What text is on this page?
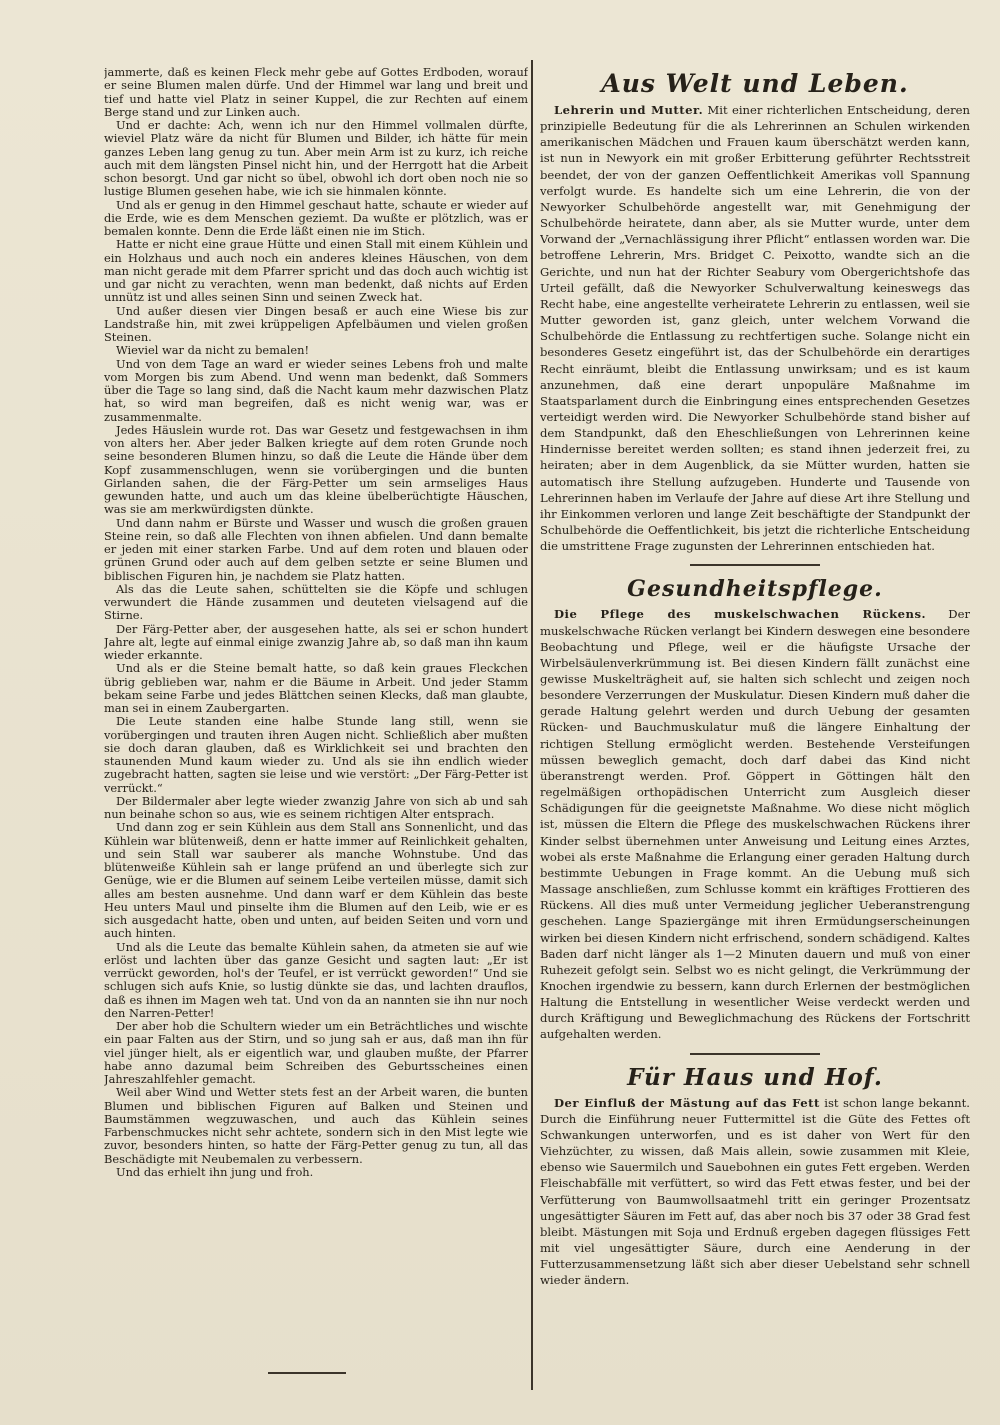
jammerte, daß es keinen Fleck mehr gebe auf Gottes Erdboden, worauf er seine Blumen malen dürfe. Und der Himmel war lang und breit und tief und hatte viel Platz in seiner Kuppel, die zur Rechten auf einem Berge stand und zur Linken auch.

Und er dachte: Ach, wenn ich nur den Himmel vollmalen dürfte, wieviel Platz wäre da nicht für Blumen und Bilder, ich hätte für mein ganzes Leben lang genug zu tun. Aber mein Arm ist zu kurz, ich reiche auch mit dem längsten Pinsel nicht hin, und der Herrgott hat die Arbeit schon besorgt. Und gar nicht so übel, obwohl ich dort oben noch nie so lustige Blumen gesehen habe, wie ich sie hinmalen könnte.

Und als er genug in den Himmel geschaut hatte, schaute er wieder auf die Erde, wie es dem Menschen geziemt. Da wußte er plötzlich, was er bemalen konnte. Denn die Erde läßt einen nie im Stich.

Hatte er nicht eine graue Hütte und einen Stall mit einem Kühlein und ein Holzhaus und auch noch ein anderes kleines Häuschen, von dem man nicht gerade mit dem Pfarrer spricht und das doch auch wichtig ist und gar nicht zu verachten, wenn man bedenkt, daß nichts auf Erden unnütz ist und alles seinen Sinn und seinen Zweck hat.

Und außer diesen vier Dingen besaß er auch eine Wiese bis zur Landstraße hin, mit zwei krüppeligen Apfelbäumen und vielen großen Steinen.

Wieviel war da nicht zu bemalen!

Und von dem Tage an ward er wieder seines Lebens froh und malte vom Morgen bis zum Abend. Und wenn man bedenkt, daß Sommers über die Tage so lang sind, daß die Nacht kaum mehr dazwischen Platz hat, so wird man begreifen, daß es nicht wenig war, was er zusammenmalte.

Jedes Häuslein wurde rot. Das war Gesetz und festgewachsen in ihm von alters her. Aber jeder Balken kriegte auf dem roten Grunde noch seine besonderen Blumen hinzu, so daß die Leute die Hände über dem Kopf zusammenschlugen, wenn sie vorübergingen und die bunten Girlanden sahen, die der Färg-Petter um sein armseliges Haus gewunden hatte, und auch um das kleine übelberüchtigte Häuschen, was sie am merkwürdigsten dünkte.

Und dann nahm er Bürste und Wasser und wusch die großen grauen Steine rein, so daß alle Flechten von ihnen abfielen. Und dann bemalte er jeden mit einer starken Farbe. Und auf dem roten und blauen oder grünen Grund oder auch auf dem gelben setzte er seine Blumen und biblischen Figuren hin, je nachdem sie Platz hatten.

Als das die Leute sahen, schüttelten sie die Köpfe und schlugen verwundert die Hände zusammen und deuteten vielsagend auf die Stirne.

Der Färg-Petter aber, der ausgesehen hatte, als sei er schon hundert Jahre alt, legte auf einmal einige zwanzig Jahre ab, so daß man ihn kaum wieder erkannte.

Und als er die Steine bemalt hatte, so daß kein graues Fleckchen übrig geblieben war, nahm er die Bäume in Arbeit. Und jeder Stamm bekam seine Farbe und jedes Blättchen seinen Klecks, daß man glaubte, man sei in einem Zaubergarten.

Die Leute standen eine halbe Stunde lang still, wenn sie vorübergingen und trauten ihren Augen nicht. Schließlich aber mußten sie doch daran glauben, daß es Wirklichkeit sei und brachten den staunenden Mund kaum wieder zu. Und als sie ihn endlich wieder zugebracht hatten, sagten sie leise und wie verstört: „Der Färg-Petter ist verrückt.“

Der Bildermaler aber legte wieder zwanzig Jahre von sich ab und sah nun beinahe schon so aus, wie es seinem richtigen Alter entsprach.

Und dann zog er sein Kühlein aus dem Stall ans Sonnenlicht, und das Kühlein war blütenweiß, denn er hatte immer auf Reinlichkeit gehalten, und sein Stall war sauberer als manche Wohnstube. Und das blütenweiße Kühlein sah er lange prüfend an und überlegte sich zur Genüge, wie er die Blumen auf seinem Leibe verteilen müsse, damit sich alles am besten ausnehme. Und dann warf er dem Kühlein das beste Heu unters Maul und pinselte ihm die Blumen auf den Leib, wie er es sich ausgedacht hatte, oben und unten, auf beiden Seiten und vorn und auch hinten.

Und als die Leute das bemalte Kühlein sahen, da atmeten sie auf wie erlöst und lachten über das ganze Gesicht und sagten laut: „Er ist verrückt geworden, hol's der Teufel, er ist verrückt geworden!“ Und sie schlugen sich aufs Knie, so lustig dünkte sie das, und lachten drauflos, daß es ihnen im Magen weh tat. Und von da an nannten sie ihn nur noch den Narren-Petter!

Der aber hob die Schultern wieder um ein Beträchtliches und wischte ein paar Falten aus der Stirn, und so jung sah er aus, daß man ihn für viel jünger hielt, als er eigentlich war, und glauben mußte, der Pfarrer habe anno dazumal beim Schreiben des Geburtsscheines einen Jahreszahlfehler gemacht.

Weil aber Wind und Wetter stets fest an der Arbeit waren, die bunten Blumen und biblischen Figuren auf Balken und Steinen und Baumstämmen wegzuwaschen, und auch das Kühlein seines Farbenschmuckes nicht sehr achtete, sondern sich in den Mist legte wie zuvor, besonders hinten, so hatte der Färg-Petter genug zu tun, all das Beschädigte mit Neubemalen zu verbessern.

Und das erhielt ihn jung und froh.

Aus Welt und Leben.

Lehrerin und Mutter. Mit einer richterlichen Entscheidung, deren prinzipielle Bedeutung für die als Lehrerinnen an Schulen wirkenden amerikanischen Mädchen und Frauen kaum überschätzt werden kann, ist nun in Newyork ein mit großer Erbitterung geführter Rechtsstreit beendet, der von der ganzen Oeffentlichkeit Amerikas voll Spannung verfolgt wurde. Es handelte sich um eine Lehrerin, die von der Newyorker Schulbehörde angestellt war, mit Genehmigung der Schulbehörde heiratete, dann aber, als sie Mutter wurde, unter dem Vorwand der „Vernachlässigung ihrer Pflicht“ entlassen worden war. Die betroffene Lehrerin, Mrs. Bridget C. Peixotto, wandte sich an die Gerichte, und nun hat der Richter Seabury vom Obergerichtshofe das Urteil gefällt, daß die Newyorker Schulverwaltung keineswegs das Recht habe, eine angestellte verheiratete Lehrerin zu entlassen, weil sie Mutter geworden ist, ganz gleich, unter welchem Vorwand die Schulbehörde die Entlassung zu rechtfertigen suche. Solange nicht ein besonderes Gesetz eingeführt ist, das der Schulbehörde ein derartiges Recht einräumt, bleibt die Entlassung unwirksam; und es ist kaum anzunehmen, daß eine derart unpopuläre Maßnahme im Staatsparlament durch die Einbringung eines entsprechenden Gesetzes verteidigt werden wird. Die Newyorker Schulbehörde stand bisher auf dem Standpunkt, daß den Eheschließungen von Lehrerinnen keine Hindernisse bereitet werden sollten; es stand ihnen jederzeit frei, zu heiraten; aber in dem Augenblick, da sie Mütter wurden, hatten sie automatisch ihre Stellung aufzugeben. Hunderte und Tausende von Lehrerinnen haben im Verlaufe der Jahre auf diese Art ihre Stellung und ihr Einkommen verloren und lange Zeit beschäftigte der Standpunkt der Schulbehörde die Oeffentlichkeit, bis jetzt die richterliche Entscheidung die umstrittene Frage zugunsten der Lehrerinnen entschieden hat.

Gesundheitspflege.

Die Pflege des muskelschwachen Rückens. Der muskelschwache Rücken verlangt bei Kindern deswegen eine besondere Beobachtung und Pflege, weil er die häufigste Ursache der Wirbelsäulenverkrümmung ist. Bei diesen Kindern fällt zunächst eine gewisse Muskelträgheit auf, sie halten sich schlecht und zeigen noch besondere Verzerrungen der Muskulatur. Diesen Kindern muß daher die gerade Haltung gelehrt werden und durch Uebung der gesamten Rücken- und Bauchmuskulatur muß die längere Einhaltung der richtigen Stellung ermöglicht werden. Bestehende Versteifungen müssen beweglich gemacht, doch darf dabei das Kind nicht überanstrengt werden. Prof. Göppert in Göttingen hält den regelmäßigen orthopädischen Unterricht zum Ausgleich dieser Schädigungen für die geeignetste Maßnahme. Wo diese nicht möglich ist, müssen die Eltern die Pflege des muskelschwachen Rückens ihrer Kinder selbst übernehmen unter Anweisung und Leitung eines Arztes, wobei als erste Maßnahme die Erlangung einer geraden Haltung durch bestimmte Uebungen in Frage kommt. An die Uebung muß sich Massage anschließen, zum Schlusse kommt ein kräftiges Frottieren des Rückens. All dies muß unter Vermeidung jeglicher Ueberanstrengung geschehen. Lange Spaziergänge mit ihren Ermüdungserscheinungen wirken bei diesen Kindern nicht erfrischend, sondern schädigend. Kaltes Baden darf nicht länger als 1—2 Minuten dauern und muß von einer Ruhezeit gefolgt sein. Selbst wo es nicht gelingt, die Verkrümmung der Knochen irgendwie zu bessern, kann durch Erlernen der bestmöglichen Haltung die Entstellung in wesentlicher Weise verdeckt werden und durch Kräftigung und Beweglichmachung des Rückens der Fortschritt aufgehalten werden.

Für Haus und Hof.

Der Einfluß der Mästung auf das Fett ist schon lange bekannt. Durch die Einführung neuer Futtermittel ist die Güte des Fettes oft Schwankungen unterworfen, und es ist daher von Wert für den Viehzüchter, zu wissen, daß Mais allein, sowie zusammen mit Kleie, ebenso wie Sauermilch und Sauebohnen ein gutes Fett ergeben. Werden Fleischabfälle mit verfüttert, so wird das Fett etwas fester, und bei der Verfütterung von Baumwollsaatmehl tritt ein geringer Prozentsatz ungesättigter Säuren im Fett auf, das aber noch bis 37 oder 38 Grad fest bleibt. Mästungen mit Soja und Erdnuß ergeben dagegen flüssiges Fett mit viel ungesättigter Säure, durch eine Aenderung in der Futterzusammensetzung läßt sich aber dieser Uebelstand sehr schnell wieder ändern.
